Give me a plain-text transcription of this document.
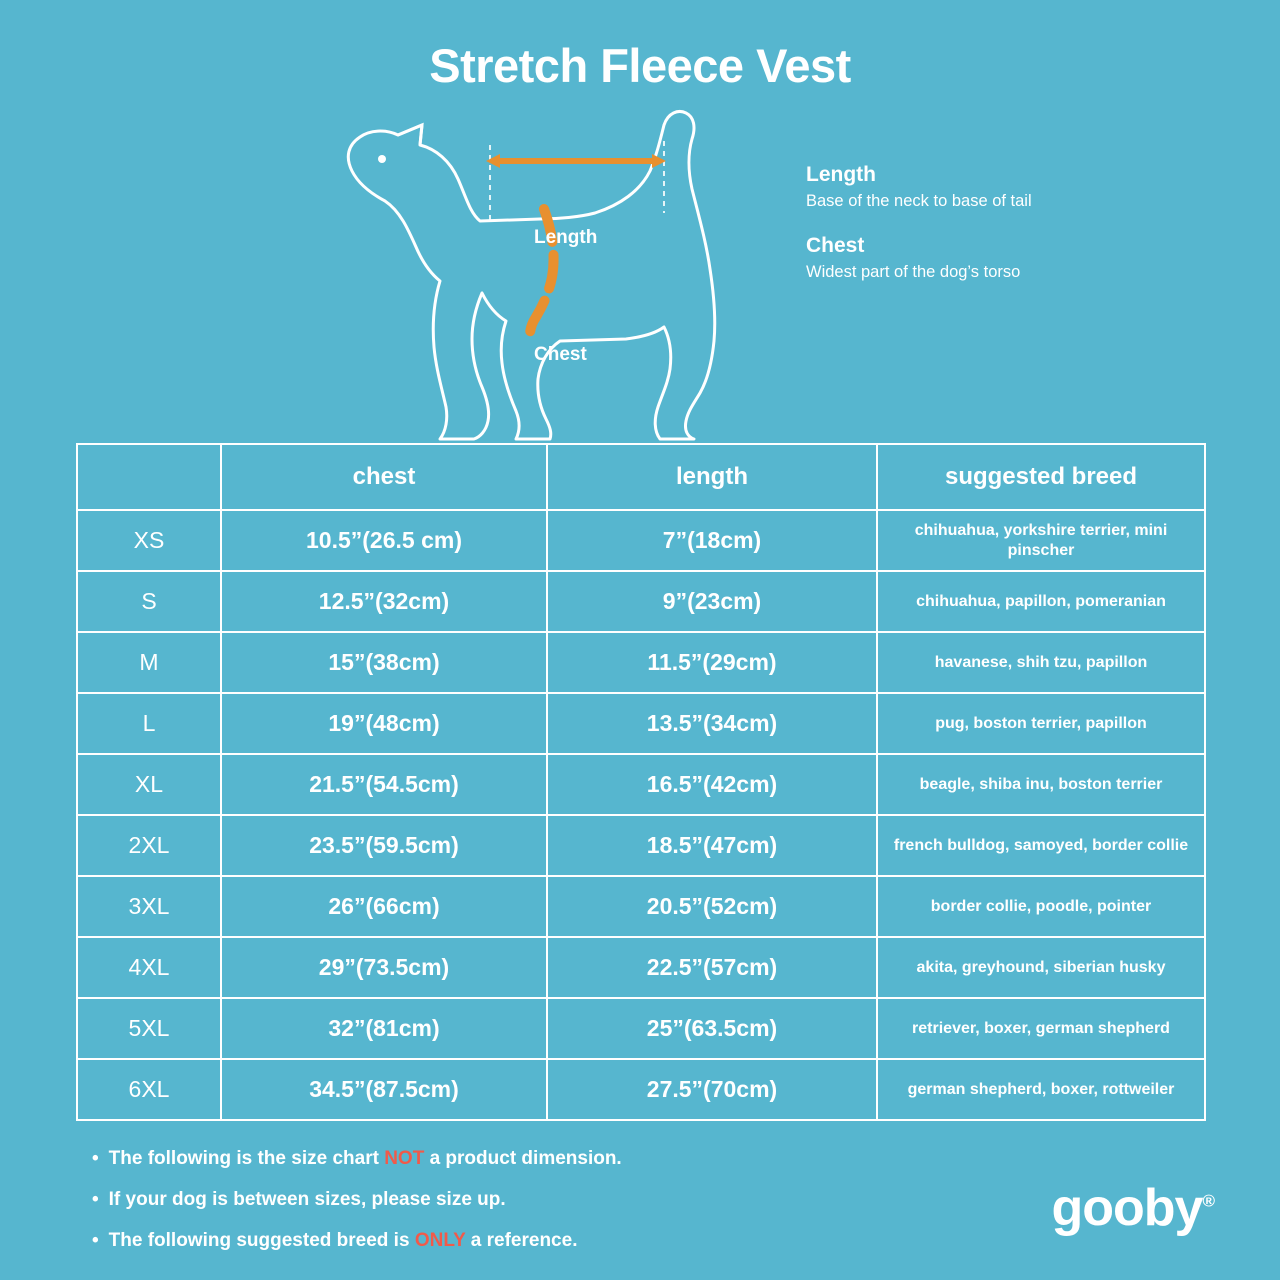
Stretch Fleece Vest
Length
Chest
Length

Base of the neck to base of tail

Chest

Widest part of the dog’s torso

	chest	length	suggested breed
XS	10.5”(26.5 cm)	7”(18cm)	chihuahua, yorkshire terrier, mini pinscher
S	12.5”(32cm)	9”(23cm)	chihuahua, papillon, pomeranian
M	15”(38cm)	11.5”(29cm)	havanese, shih tzu, papillon
L	19”(48cm)	13.5”(34cm)	pug, boston terrier, papillon
XL	21.5”(54.5cm)	16.5”(42cm)	beagle, shiba inu, boston terrier
2XL	23.5”(59.5cm)	18.5”(47cm)	french bulldog, samoyed, border collie
3XL	26”(66cm)	20.5”(52cm)	border collie, poodle, pointer
4XL	29”(73.5cm)	22.5”(57cm)	akita, greyhound, siberian husky
5XL	32”(81cm)	25”(63.5cm)	retriever, boxer, german shepherd
6XL	34.5”(87.5cm)	27.5”(70cm)	german shepherd, boxer, rottweiler
• The following is the size chart NOT a product dimension.
• If your dog is between sizes, please size up.
• The following suggested breed is ONLY a reference.
gooby®
